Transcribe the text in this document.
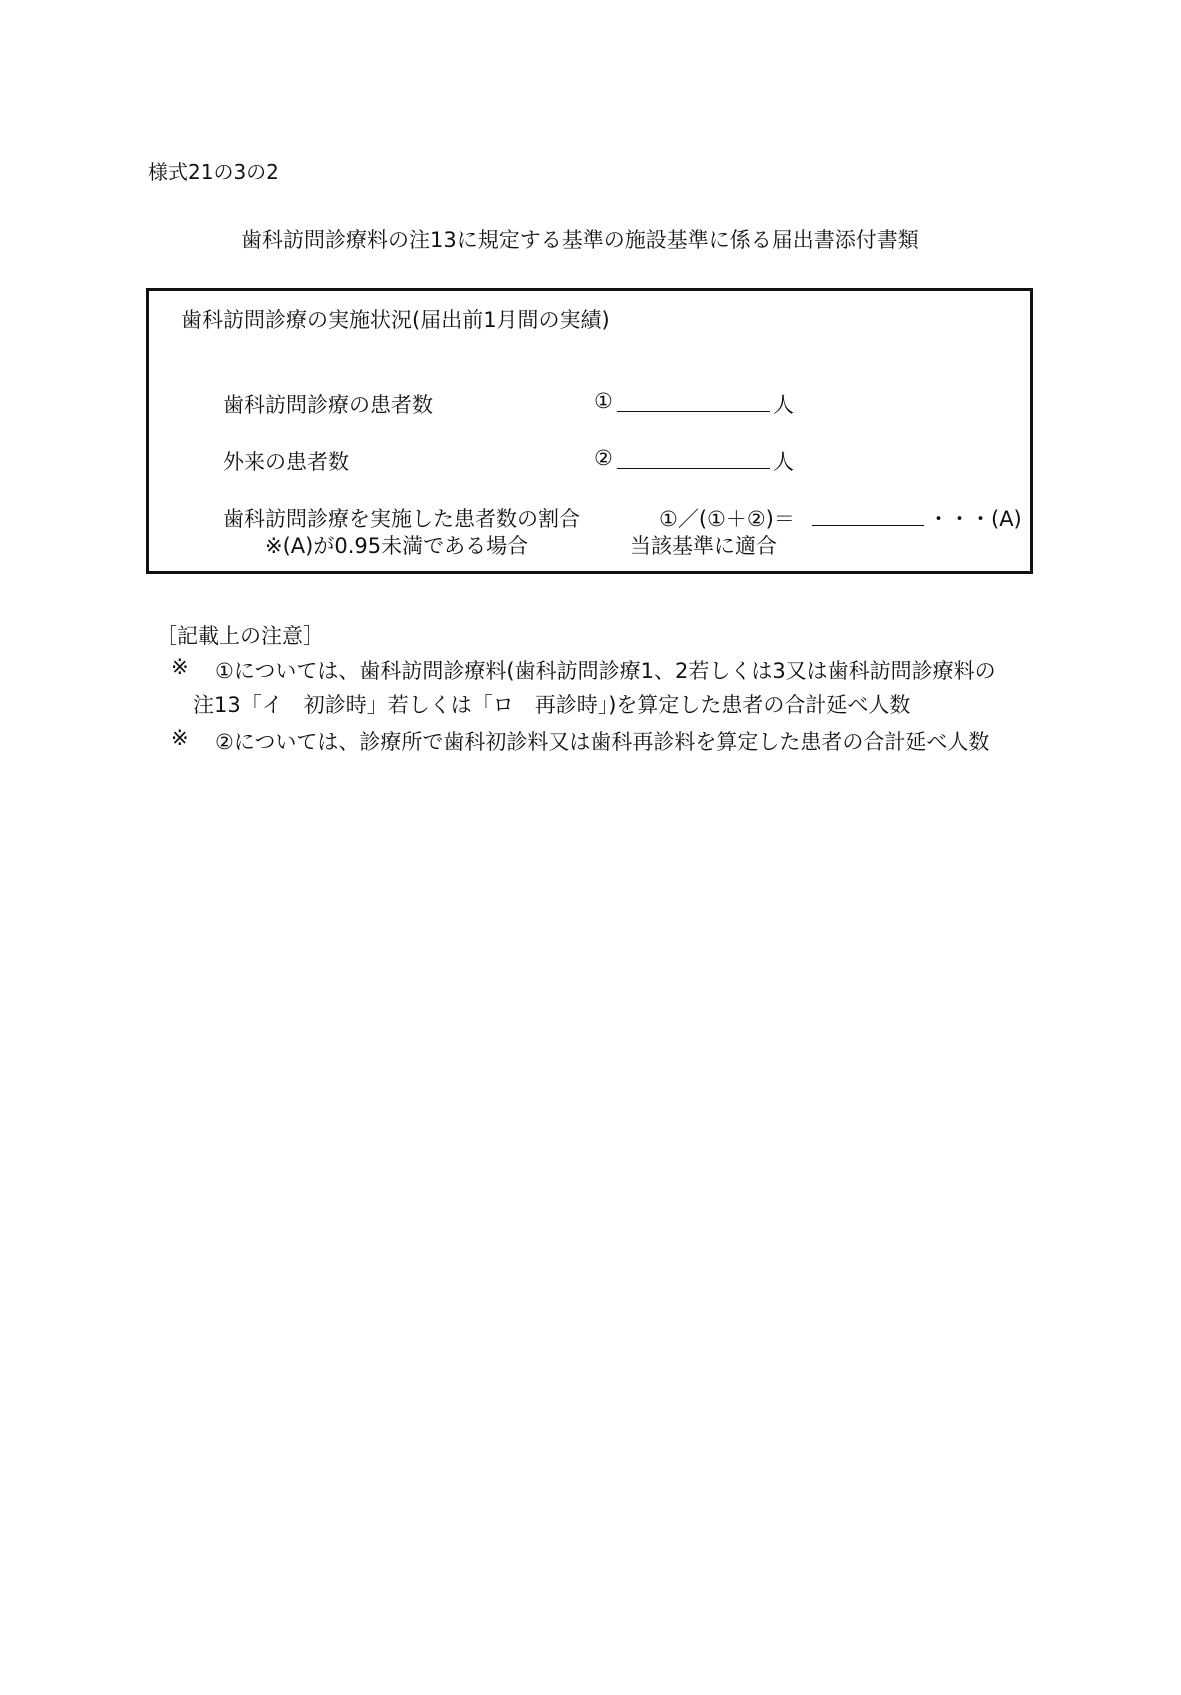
様式21の3の2
歯科訪問診療料の注13に規定する基準の施設基準に係る届出書添付書類
歯科訪問診療の実施状況(届出前1月間の実績)
歯科訪問診療の患者数	①	人
外来の患者数	②	人
歯科訪問診療を実施した患者数の割合	①／(①＋②)＝	・・・(A)
※(A)が0.95未満である場合	当該基準に適合
［記載上の注意］
※ ①については、歯科訪問診療料(歯科訪問診療1、2若しくは3又は歯科訪問診療料の
注13「イ　初診時」若しくは「ロ　再診時」)を算定した患者の合計延べ人数
※ ②については、診療所で歯科初診料又は歯科再診料を算定した患者の合計延べ人数
